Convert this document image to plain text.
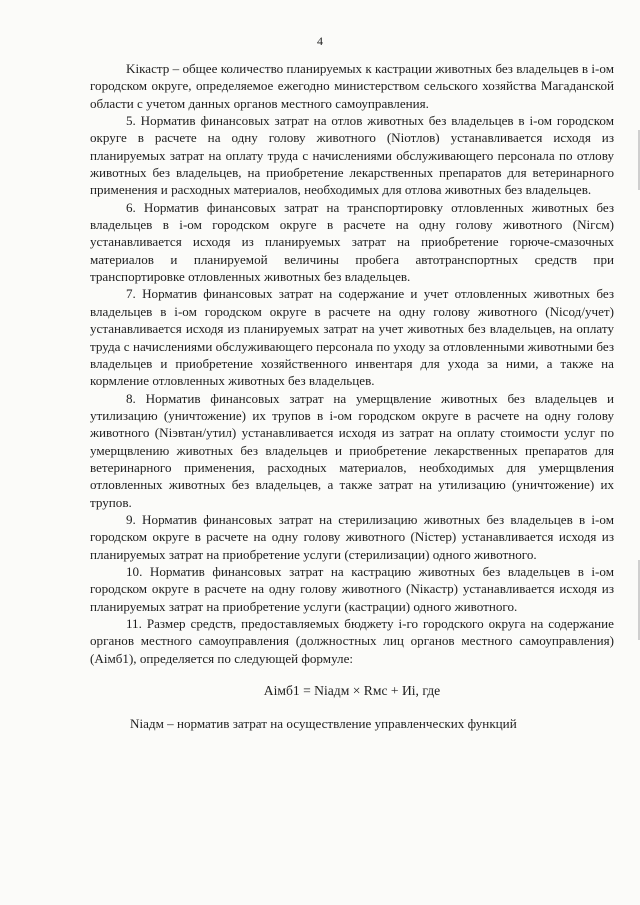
4

Kiкастр – общее количество планируемых к кастрации животных без владельцев в i-ом городском округе, определяемое ежегодно министерством сельского хозяйства Магаданской области с учетом данных органов местного самоуправления.

5. Норматив финансовых затрат на отлов животных без владельцев в i-ом городском округе в расчете на одну голову животного (Niотлов) устанавливается исходя из планируемых затрат на оплату труда с начислениями обслуживающего персонала по отлову животных без владельцев, на приобретение лекарственных препаратов для ветеринарного применения и расходных материалов, необходимых для отлова животных без владельцев.

6. Норматив финансовых затрат на транспортировку отловленных животных без владельцев в i-ом городском округе в расчете на одну голову животного (Niгсм) устанавливается исходя из планируемых затрат на приобретение горюче-смазочных материалов и планируемой величины пробега автотранспортных средств при транспортировке отловленных животных без владельцев.

7. Норматив финансовых затрат на содержание и учет отловленных животных без владельцев в i-ом городском округе в расчете на одну голову животного (Niсод/учет) устанавливается исходя из планируемых затрат на учет животных без владельцев, на оплату труда с начислениями обслуживающего персонала по уходу за отловленными животными без владельцев и приобретение хозяйственного инвентаря для ухода за ними, а также на кормление отловленных животных без владельцев.

8. Норматив финансовых затрат на умерщвление животных без владельцев и утилизацию (уничтожение) их трупов в i-ом городском округе в расчете на одну голову животного (Niэвтан/утил) устанавливается исходя из затрат на оплату стоимости услуг по умерщвлению животных без владельцев и приобретение лекарственных препаратов для ветеринарного применения, расходных материалов, необходимых для умерщвления отловленных животных без владельцев, а также затрат на утилизацию (уничтожение) их трупов.

9. Норматив финансовых затрат на стерилизацию животных без владельцев в i-ом городском округе в расчете на одну голову животного (Niстер) устанавливается исходя из планируемых затрат на приобретение услуги (стерилизации) одного животного.

10. Норматив финансовых затрат на кастрацию животных без владельцев в i-ом городском округе в расчете на одну голову животного (Niкастр) устанавливается исходя из планируемых затрат на приобретение услуги (кастрации) одного животного.

11. Размер средств, предоставляемых бюджету i-го городского округа на содержание органов местного самоуправления (должностных лиц органов местного самоуправления) (Аiмб1), определяется по следующей формуле:

Аiмб1 = Niадм × Rмс + Иi, где

Niадм – норматив затрат на осуществление управленческих функций
